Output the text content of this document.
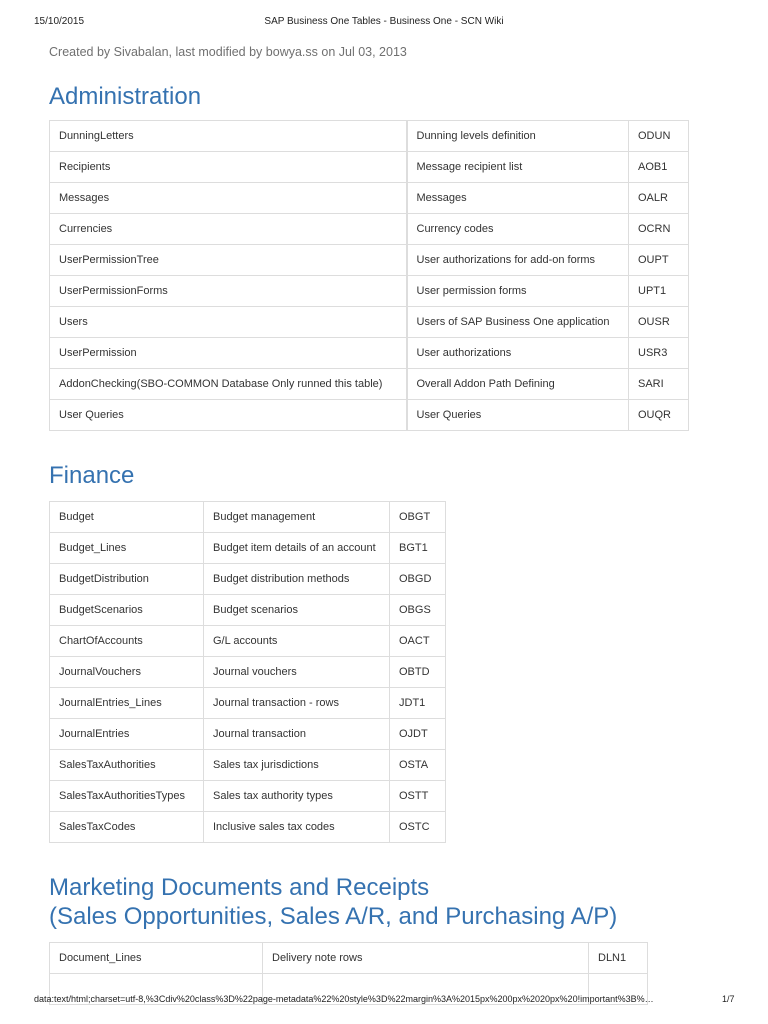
15/10/2015	SAP Business One Tables - Business One - SCN Wiki
Created by Sivabalan, last modified by bowya.ss on Jul 03, 2013
Administration
DunningLetters	Dunning levels definition	ODUN
Recipients	Message recipient list	AOB1
Messages	Messages	OALR
Currencies	Currency codes	OCRN
UserPermissionTree	User authorizations for add-on forms	OUPT
UserPermissionForms	User permission forms	UPT1
Users	Users of SAP Business One application	OUSR
UserPermission	User authorizations	USR3
AddonChecking(SBO-COMMON Database Only runned this table)	Overall Addon Path Defining	SARI
User Queries	User Queries	OUQR
Finance
Budget	Budget management	OBGT
Budget_Lines	Budget item details of an account	BGT1
BudgetDistribution	Budget distribution methods	OBGD
BudgetScenarios	Budget scenarios	OBGS
ChartOfAccounts	G/L accounts	OACT
JournalVouchers	Journal vouchers	OBTD
JournalEntries_Lines	Journal transaction - rows	JDT1
JournalEntries	Journal transaction	OJDT
SalesTaxAuthorities	Sales tax jurisdictions	OSTA
SalesTaxAuthoritiesTypes	Sales tax authority types	OSTT
SalesTaxCodes	Inclusive sales tax codes	OSTC
Marketing Documents and Receipts
(Sales Opportunities, Sales A/R, and Purchasing A/P)
Document_Lines	Delivery note rows	DLN1

data:text/html;charset=utf-8,%3Cdiv%20class%3D%22page-metadata%22%20style%3D%22margin%3A%2015px%200px%2020px%20!important%3B%…	1/7
